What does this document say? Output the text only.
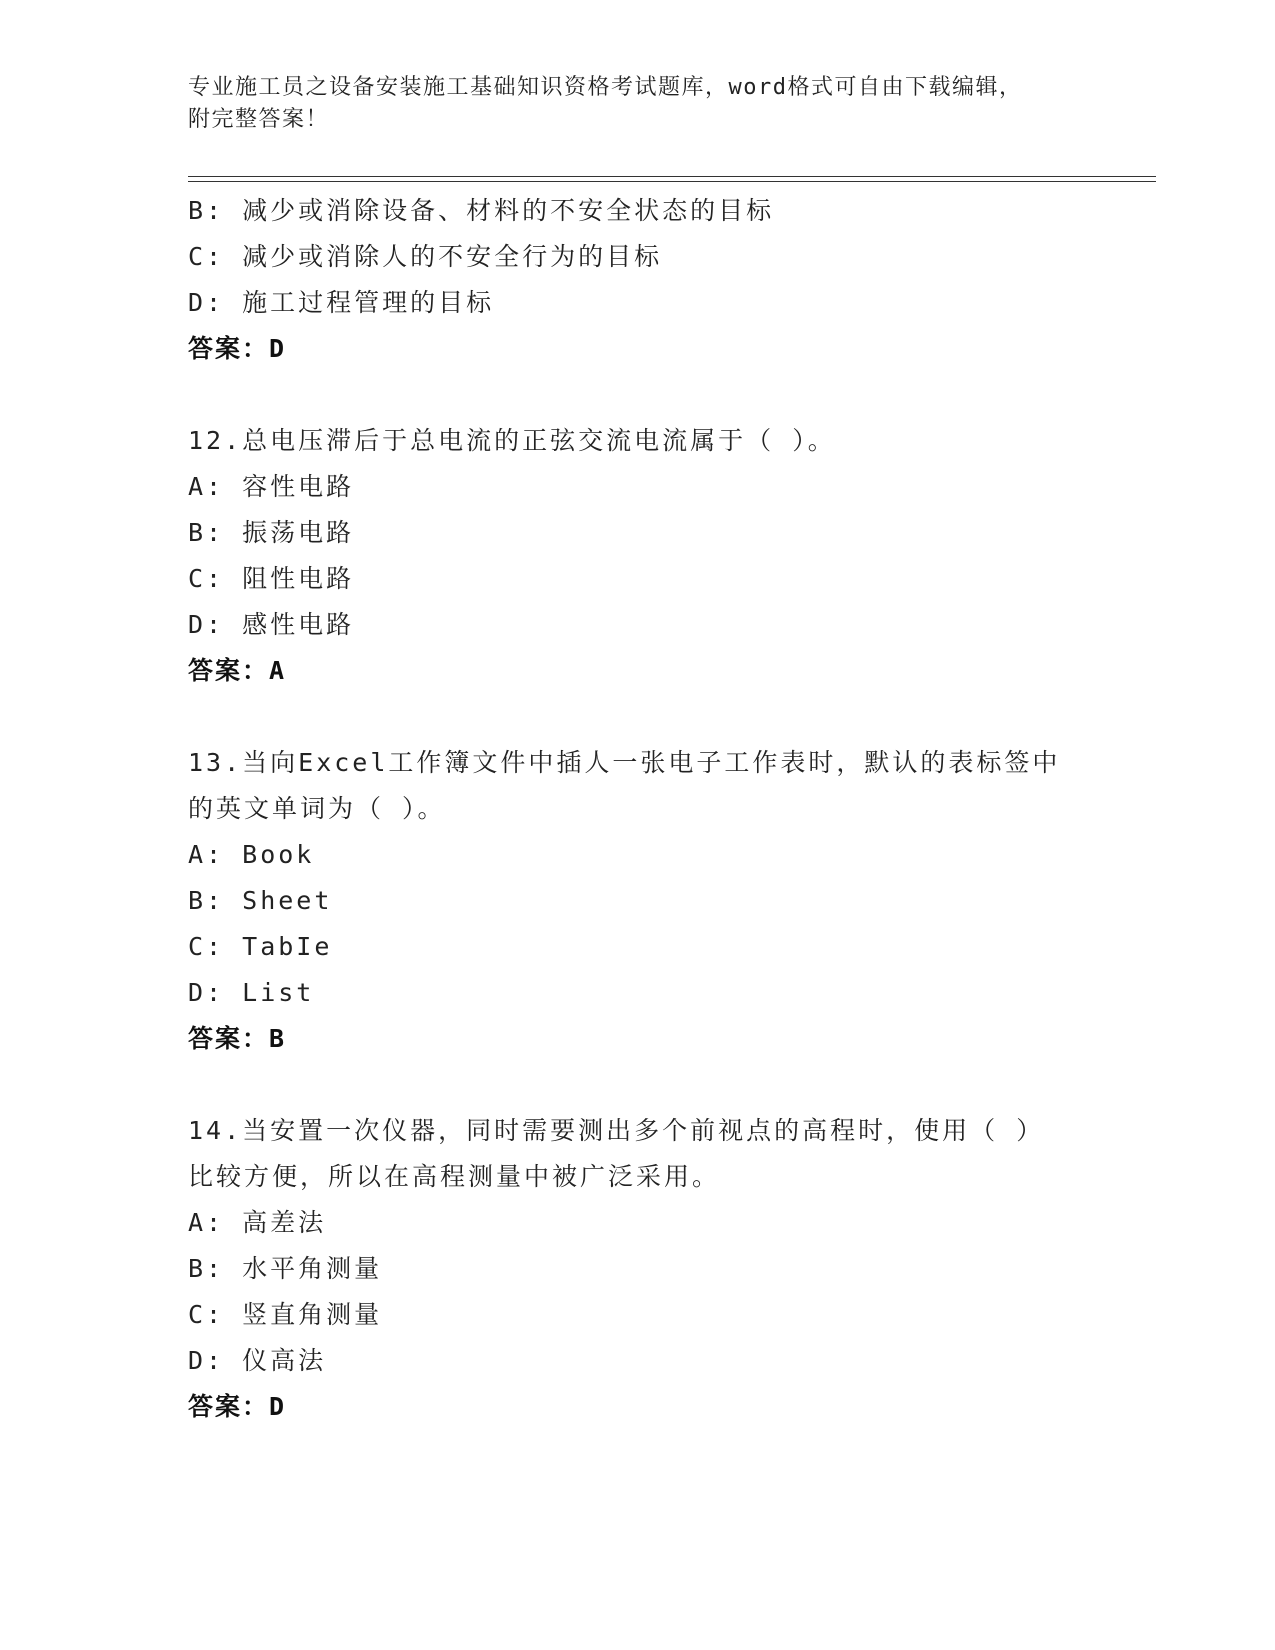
专业施工员之设备安装施工基础知识资格考试题库，word格式可自由下载编辑，
附完整答案！
B: 减少或消除设备、材料的不安全状态的目标
C: 减少或消除人的不安全行为的目标
D: 施工过程管理的目标
答案：D
12.总电压滞后于总电流的正弦交流电流属于（ ）。
A: 容性电路
B: 振荡电路
C: 阻性电路
D: 感性电路
答案：A
13.当向Excel工作簿文件中插人一张电子工作表时，默认的表标签中
的英文单词为（ ）。
A: Book
B: Sheet
C: TabIe
D: List
答案：B
14.当安置一次仪器，同时需要测出多个前视点的高程时，使用（ ）
比较方便，所以在高程测量中被广泛采用。
A: 高差法
B: 水平角测量
C: 竖直角测量
D: 仪高法
答案：D
